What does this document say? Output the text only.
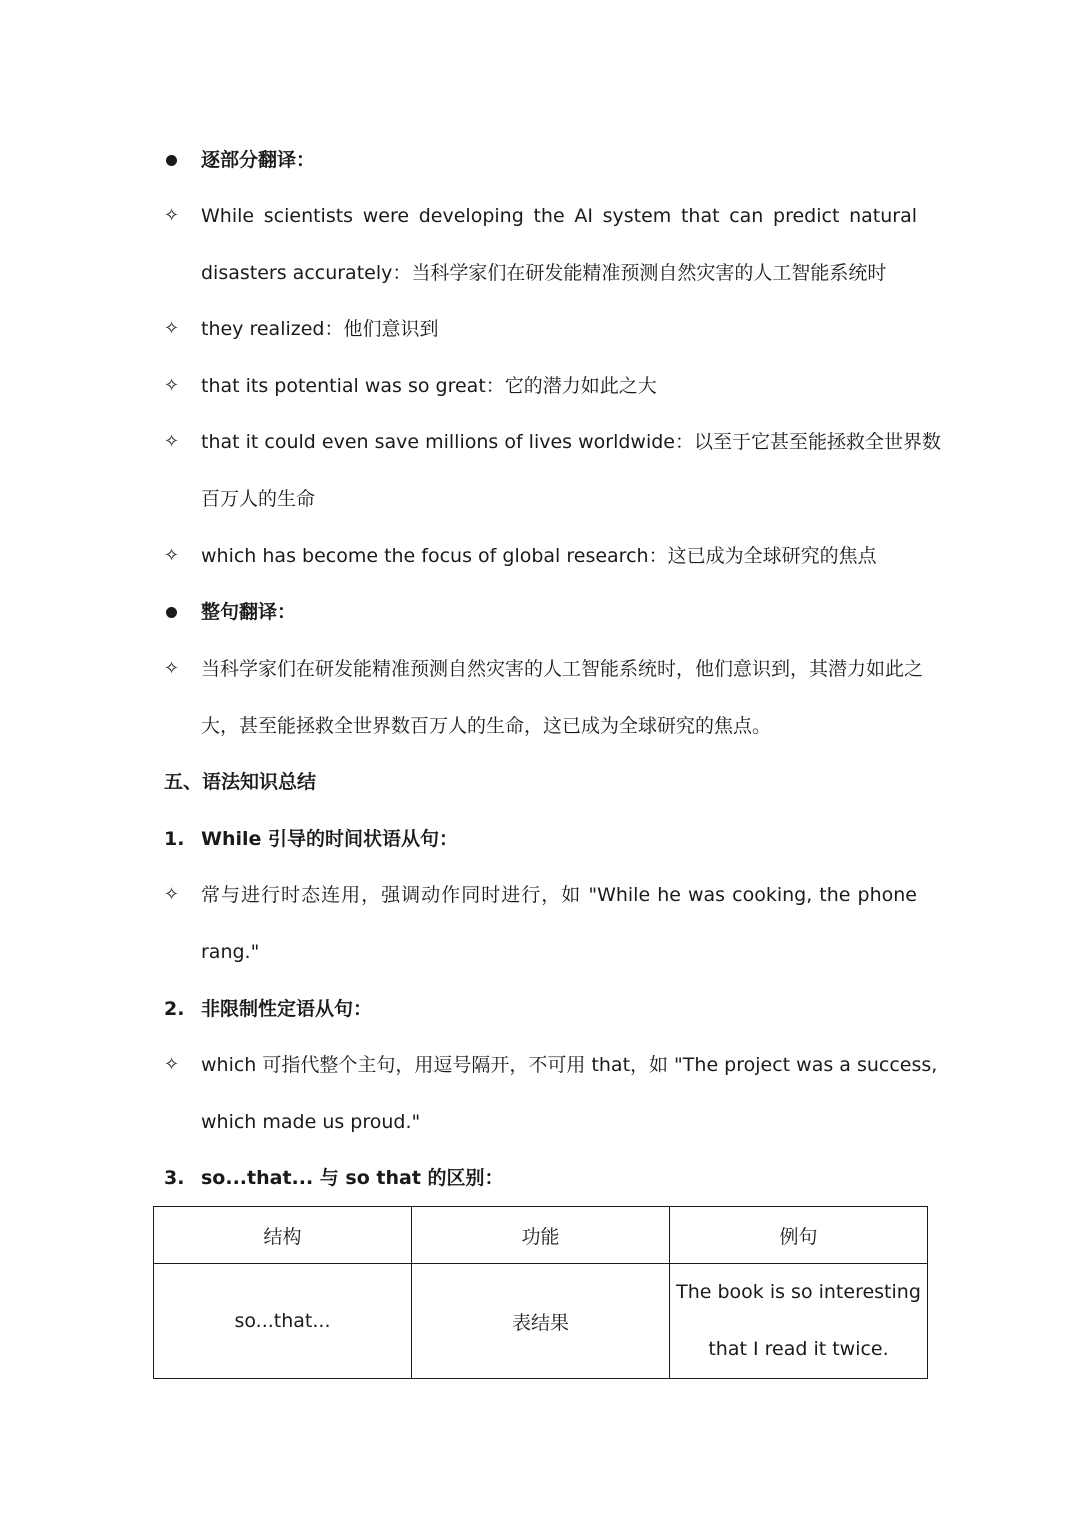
逐部分翻译：
✧	While scientists were developing the AI system that can predict natural
disasters accurately：当科学家们在研发能精准预测自然灾害的人工智能系统时
✧	they realized：他们意识到
✧	that its potential was so great：它的潜力如此之大
✧	that it could even save millions of lives worldwide：以至于它甚至能拯救全世界数
百万人的生命
✧	which has become the focus of global research：这已成为全球研究的焦点
整句翻译：
✧	当科学家们在研发能精准预测自然灾害的人工智能系统时，他们意识到，其潜力如此之
大，甚至能拯救全世界数百万人的生命，这已成为全球研究的焦点。
五、语法知识总结
1. While 引导的时间状语从句：
✧	常与进行时态连用，强调动作同时进行，如 "While he was cooking, the phone
rang."
2. 非限制性定语从句：
✧	which 可指代整个主句，用逗号隔开，不可用 that，如 "The project was a success,
which made us proud."
3. so...that... 与 so that 的区别：
结构	功能	例句
so...that...	表结果	The book is so interesting
that I read it twice.
